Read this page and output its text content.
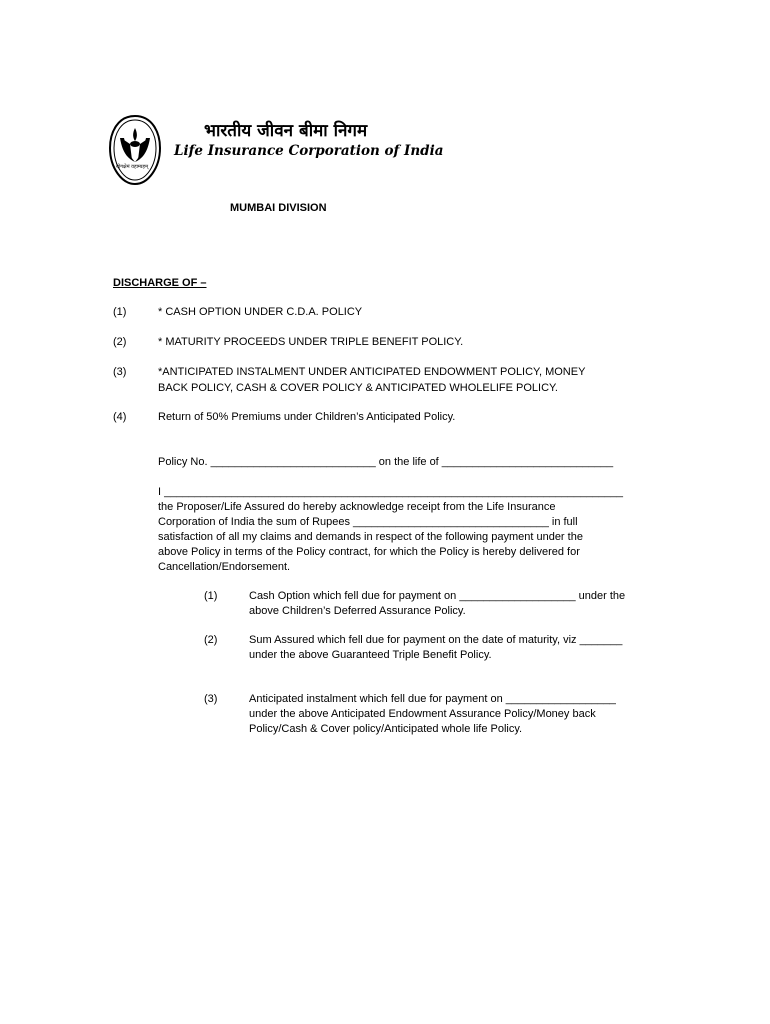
योगक्षेमं वहाम्यहम्
भारतीय जीवन बीमा निगम
Life Insurance Corporation of India
MUMBAI DIVISION
DISCHARGE OF –
(1)	* CASH OPTION UNDER C.D.A. POLICY
(2)	* MATURITY PROCEEDS UNDER TRIPLE BENEFIT POLICY.
(3)	*ANTICIPATED INSTALMENT UNDER ANTICIPATED ENDOWMENT POLICY, MONEY
BACK POLICY, CASH & COVER POLICY & ANTICIPATED WHOLELIFE POLICY.
(4)	Return of 50% Premiums under Children’s Anticipated Policy.
Policy No. ___________________________ on the life of ____________________________
I ___________________________________________________________________________
the Proposer/Life Assured do hereby acknowledge receipt from the Life Insurance
Corporation of India the sum of Rupees ________________________________ in full
satisfaction of all my claims and demands in respect of the following payment under the
above Policy in terms of the Policy contract, for which the Policy is hereby delivered for
Cancellation/Endorsement.
(1)	Cash Option which fell due for payment on ___________________ under the
above Children’s Deferred Assurance Policy.
(2)	Sum Assured which fell due for payment on the date of maturity, viz _______
under the above Guaranteed Triple Benefit Policy.
(3)	Anticipated instalment which fell due for payment on __________________
under the above Anticipated Endowment Assurance Policy/Money back
Policy/Cash & Cover policy/Anticipated whole life Policy.
